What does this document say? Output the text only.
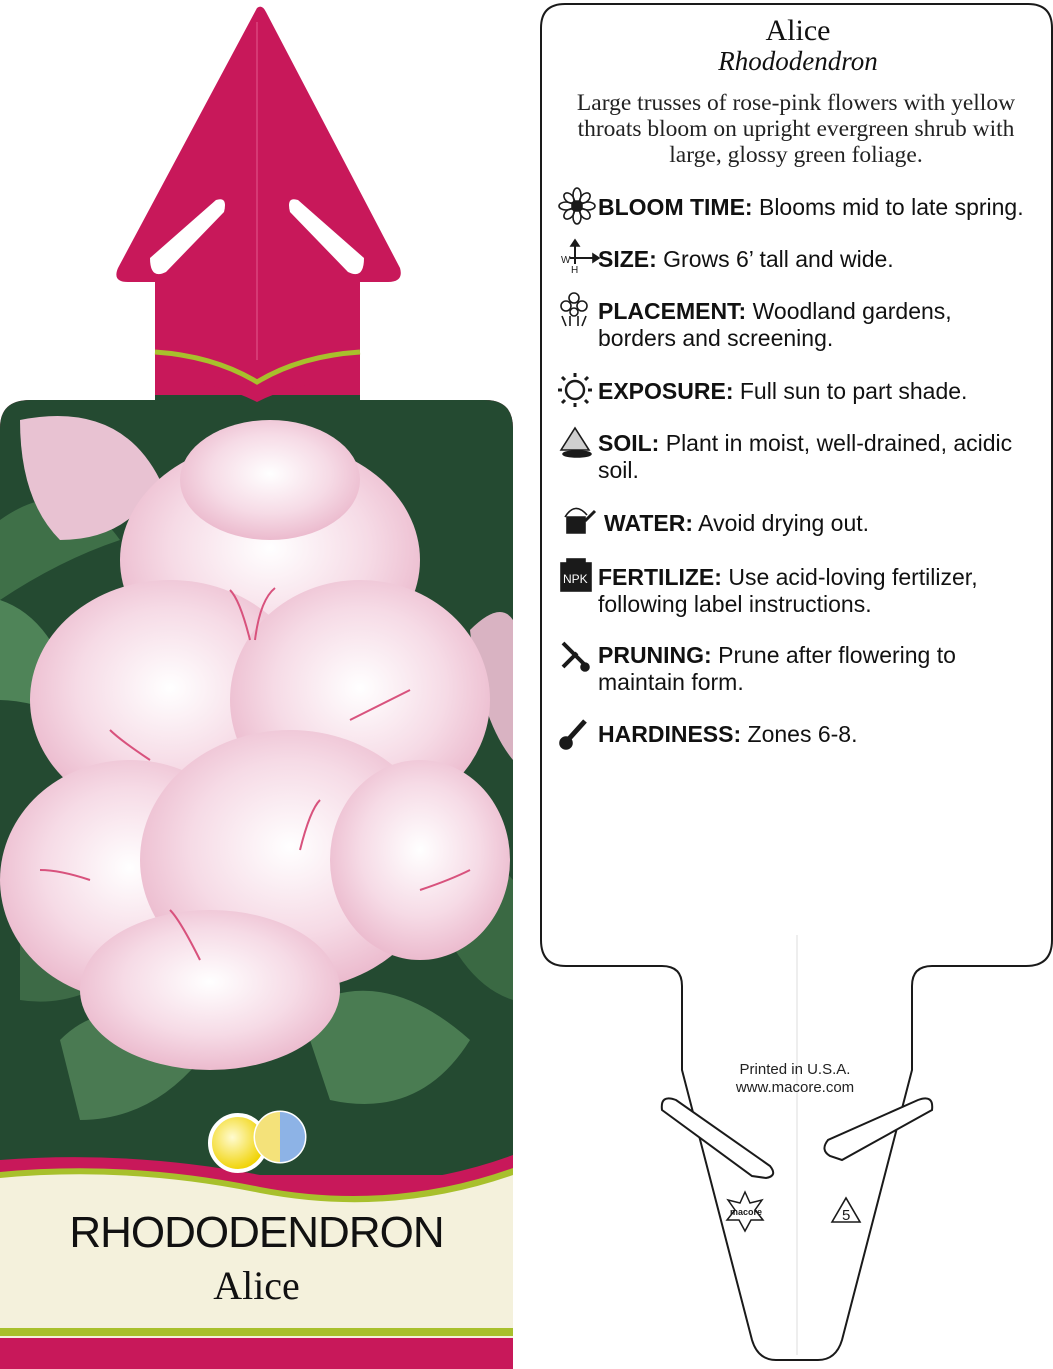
W
H
NPK
macore	5
Alice
Rhododendron
Large trusses of rose-pink flowers with yellow throats bloom on upright evergreen shrub with large, glossy green foliage.
BLOOM TIME: Blooms mid to late spring.
SIZE: Grows 6’ tall and wide.
PLACEMENT: Woodland gardens, borders and screening.
EXPOSURE: Full sun to part shade.
SOIL: Plant in moist, well-drained, acidic soil.
WATER: Avoid drying out.
FERTILIZE: Use acid-loving fertilizer, following label instructions.
PRUNING: Prune after flowering to maintain form.
HARDINESS: Zones 6-8.
Printed in U.S.A.
www.macore.com
RHODODENDRON
Alice
